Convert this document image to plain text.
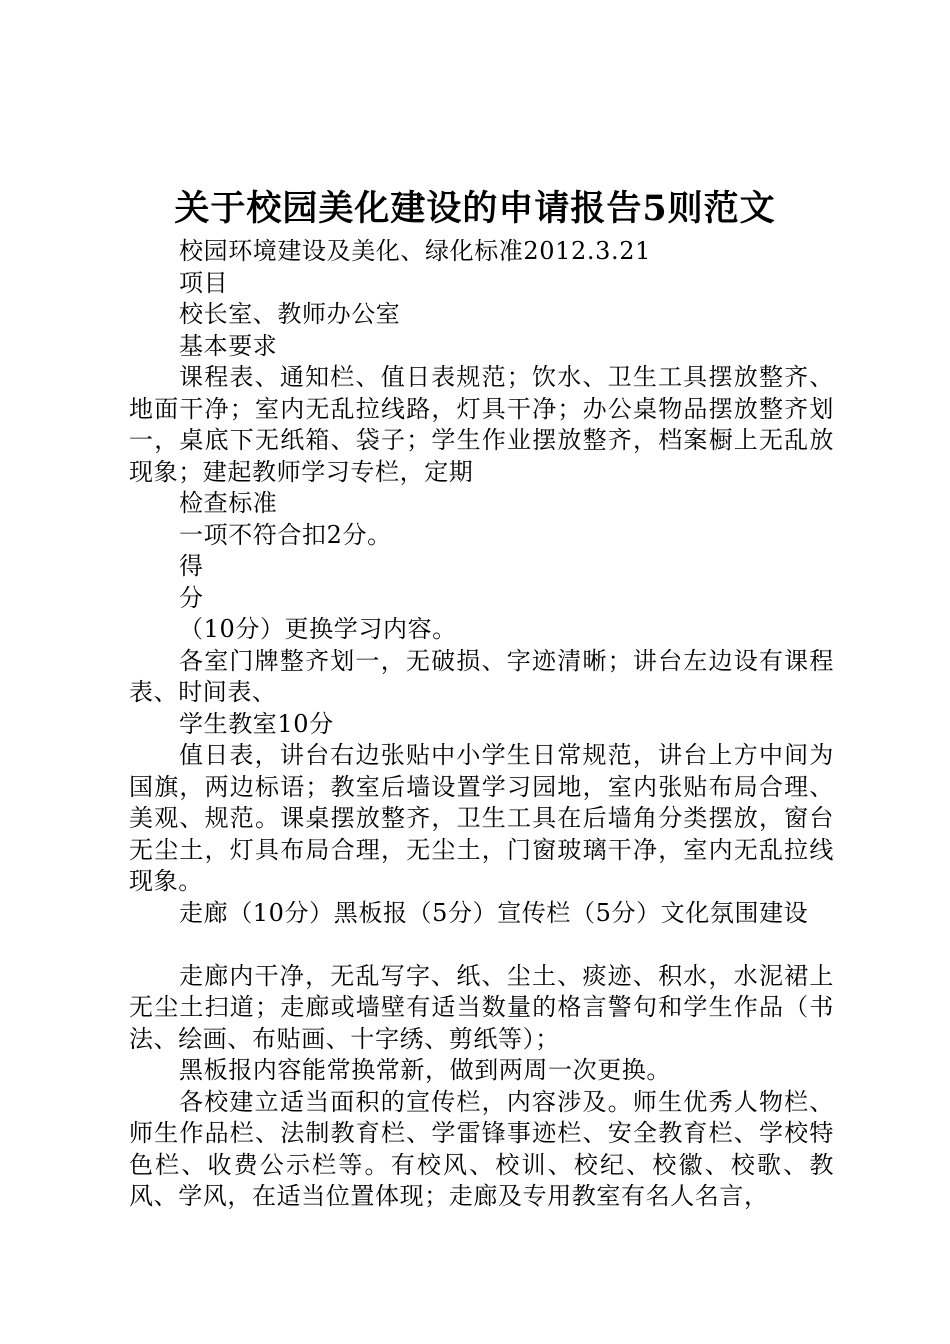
关于校园美化建设的申请报告5则范文

校园环境建设及美化、绿化标准2012.3.21

项目

校长室、教师办公室

基本要求

课程表、通知栏、值日表规范；饮水、卫生工具摆放整齐、地面干净；室内无乱拉线路，灯具干净；办公桌物品摆放整齐划一，桌底下无纸箱、袋子；学生作业摆放整齐，档案橱上无乱放现象；建起教师学习专栏，定期

检查标准

一项不符合扣2分。

得

分

（10分）更换学习内容。

各室门牌整齐划一，无破损、字迹清晰；讲台左边设有课程表、时间表、

学生教室10分

值日表，讲台右边张贴中小学生日常规范，讲台上方中间为国旗，两边标语；教室后墙设置学习园地，室内张贴布局合理、美观、规范。课桌摆放整齐，卫生工具在后墙角分类摆放，窗台无尘土，灯具布局合理，无尘土，门窗玻璃干净，室内无乱拉线现象。

走廊（10分）黑板报（5分）宣传栏（5分）文化氛围建设

走廊内干净，无乱写字、纸、尘土、痰迹、积水，水泥裙上无尘土扫道；走廊或墙壁有适当数量的格言警句和学生作品（书法、绘画、布贴画、十字绣、剪纸等）；

黑板报内容能常换常新，做到两周一次更换。

各校建立适当面积的宣传栏，内容涉及。师生优秀人物栏、师生作品栏、法制教育栏、学雷锋事迹栏、安全教育栏、学校特色栏、收费公示栏等。有校风、校训、校纪、校徽、校歌、教风、学风，在适当位置体现；走廊及专用教室有名人名言，
